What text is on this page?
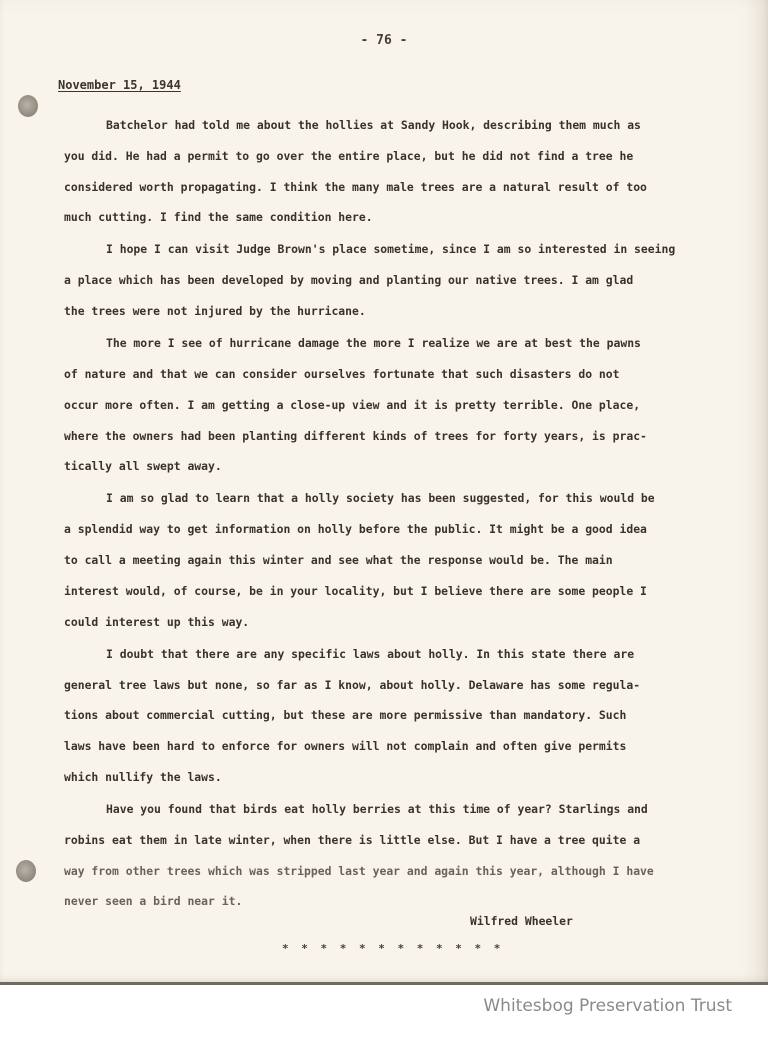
- 76 -
November 15, 1944
Batchelor had told me about the hollies at Sandy Hook, describing them much as
you did. He had a permit to go over the entire place, but he did not find a tree he
considered worth propagating. I think the many male trees are a natural result of too
much cutting. I find the same condition here.
I hope I can visit Judge Brown's place sometime, since I am so interested in seeing
a place which has been developed by moving and planting our native trees. I am glad
the trees were not injured by the hurricane.
The more I see of hurricane damage the more I realize we are at best the pawns
of nature and that we can consider ourselves fortunate that such disasters do not
occur more often. I am getting a close-up view and it is pretty terrible. One place,
where the owners had been planting different kinds of trees for forty years, is prac-
tically all swept away.
I am so glad to learn that a holly society has been suggested, for this would be
a splendid way to get information on holly before the public. It might be a good idea
to call a meeting again this winter and see what the response would be. The main
interest would, of course, be in your locality, but I believe there are some people I
could interest up this way.
I doubt that there are any specific laws about holly. In this state there are
general tree laws but none, so far as I know, about holly. Delaware has some regula-
tions about commercial cutting, but these are more permissive than mandatory. Such
laws have been hard to enforce for owners will not complain and often give permits
which nullify the laws.
Have you found that birds eat holly berries at this time of year? Starlings and
robins eat them in late winter, when there is little else. But I have a tree quite a
way from other trees which was stripped last year and again this year, although I have
never seen a bird near it.
Wilfred Wheeler
* * * * * * * * * * * *
Whitesbog Preservation Trust
